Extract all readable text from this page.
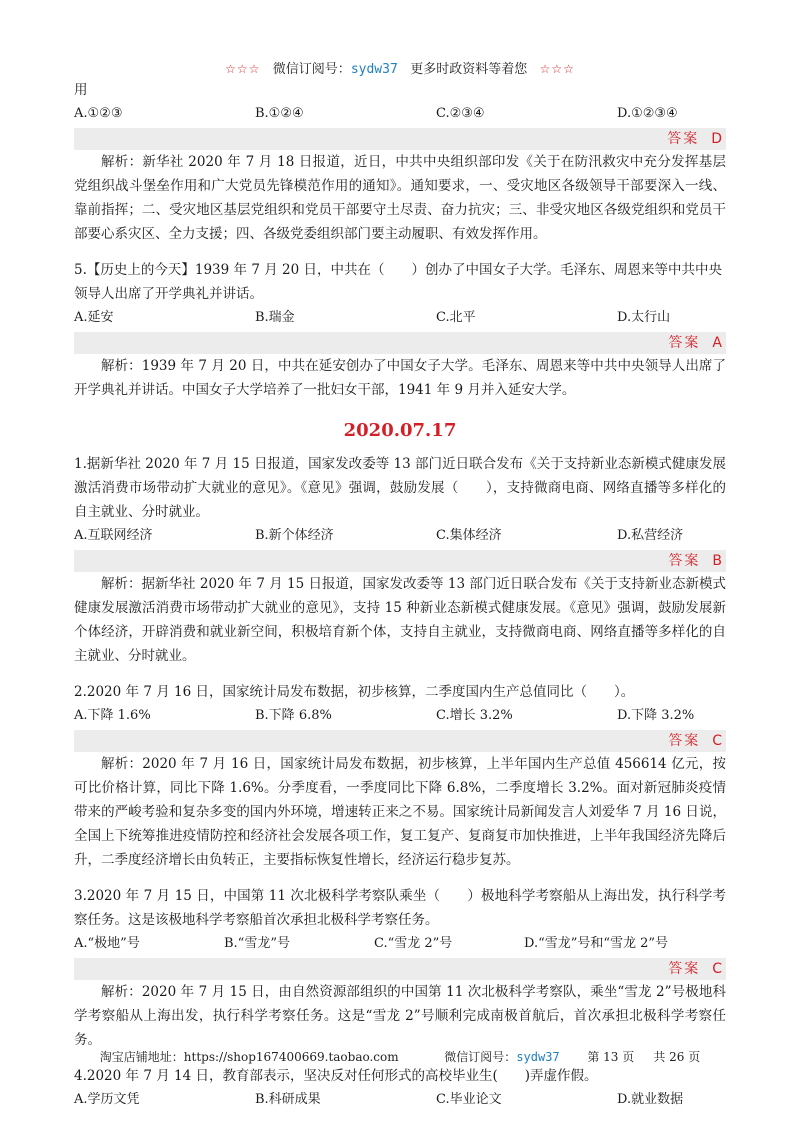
☆☆☆ 微信订阅号：sydw37 更多时政资料等着您 ☆☆☆
用
A.①②③	B.①②④	C.②③④	D.①②③④
答案 D
解析：新华社 2020 年 7 月 18 日报道，近日，中共中央组织部印发《关于在防汛救灾中充分发挥基层党组织战斗堡垒作用和广大党员先锋模范作用的通知》。通知要求，一、受灾地区各级领导干部要深入一线、靠前指挥；二、受灾地区基层党组织和党员干部要守土尽责、奋力抗灾；三、非受灾地区各级党组织和党员干部要心系灾区、全力支援；四、各级党委组织部门要主动履职、有效发挥作用。
5.【历史上的今天】1939 年 7 月 20 日，中共在（　　）创办了中国女子大学。毛泽东、周恩来等中共中央
领导人出席了开学典礼并讲话。
A.延安	B.瑞金	C.北平	D.太行山
答案 A
解析：1939 年 7 月 20 日，中共在延安创办了中国女子大学。毛泽东、周恩来等中共中央领导人出席了开学典礼并讲话。中国女子大学培养了一批妇女干部，1941 年 9 月并入延安大学。
2020.07.17
1.据新华社 2020 年 7 月 15 日报道，国家发改委等 13 部门近日联合发布《关于支持新业态新模式健康发展激活消费市场带动扩大就业的意见》。《意见》强调，鼓励发展（　　），支持微商电商、网络直播等多样化的自主就业、分时就业。
A.互联网经济	B.新个体经济	C.集体经济	D.私营经济
答案 B
解析：据新华社 2020 年 7 月 15 日报道，国家发改委等 13 部门近日联合发布《关于支持新业态新模式健康发展激活消费市场带动扩大就业的意见》，支持 15 种新业态新模式健康发展。《意见》强调，鼓励发展新个体经济，开辟消费和就业新空间，积极培育新个体，支持自主就业，支持微商电商、网络直播等多样化的自主就业、分时就业。
2.2020 年 7 月 16 日，国家统计局发布数据，初步核算，二季度国内生产总值同比（　　）。
A.下降 1.6%	B.下降 6.8%	C.增长 3.2%	D.下降 3.2%
答案 C
解析：2020 年 7 月 16 日，国家统计局发布数据，初步核算，上半年国内生产总值 456614 亿元，按可比价格计算，同比下降 1.6%。分季度看，一季度同比下降 6.8%，二季度增长 3.2%。面对新冠肺炎疫情带来的严峻考验和复杂多变的国内外环境，增速转正来之不易。国家统计局新闻发言人刘爱华 7 月 16 日说，全国上下统筹推进疫情防控和经济社会发展各项工作，复工复产、复商复市加快推进，上半年我国经济先降后升，二季度经济增长由负转正，主要指标恢复性增长，经济运行稳步复苏。
3.2020 年 7 月 15 日，中国第 11 次北极科学考察队乘坐（　　）极地科学考察船从上海出发，执行科学考察任务。这是该极地科学考察船首次承担北极科学考察任务。
A.“极地”号	B.“雪龙”号	C.“雪龙 2”号	D.“雪龙”号和“雪龙 2”号
答案 C
解析：2020 年 7 月 15 日，由自然资源部组织的中国第 11 次北极科学考察队，乘坐“雪龙 2”号极地科学考察船从上海出发，执行科学考察任务。这是“雪龙 2”号顺利完成南极首航后，首次承担北极科学考察任务。
4.2020 年 7 月 14 日，教育部表示，坚决反对任何形式的高校毕业生(　　)弄虚作假。
A.学历文凭	B.科研成果	C.毕业论文	D.就业数据
淘宝店铺地址：https://shop167400669.taobao.com	微信订阅号：sydw37 第 13 页 共 26 页
